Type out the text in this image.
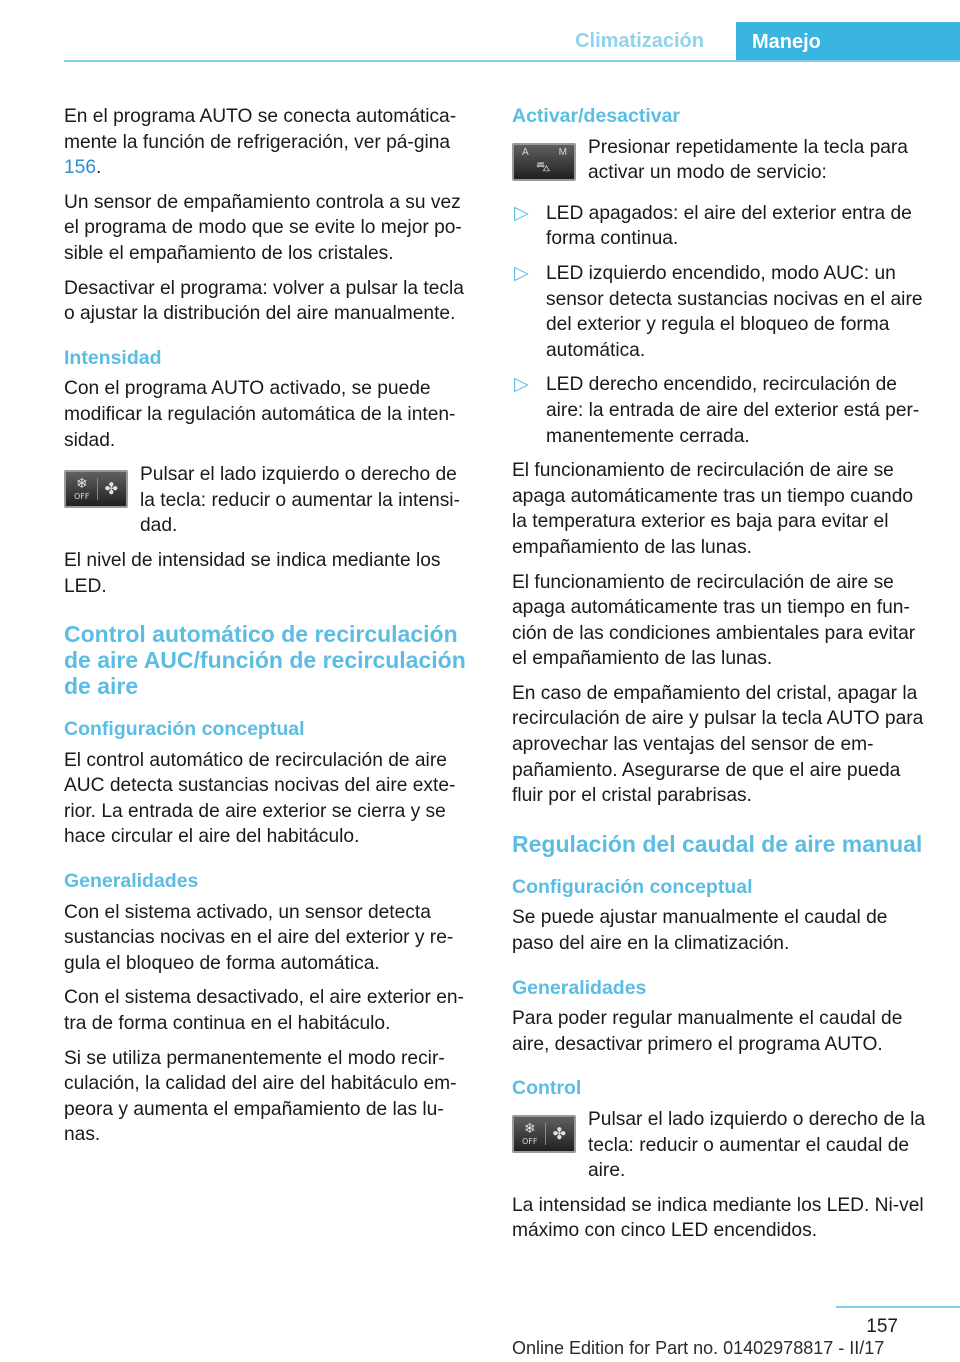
Climatización	Manejo

En el programa AUTO se conecta automática‐mente la función de refrigeración, ver pá‐gina 156.

Un sensor de empañamiento controla a su vez el programa de modo que se evite lo mejor po‐sible el empañamiento de los cristales.

Desactivar el programa: volver a pulsar la tecla o ajustar la distribución del aire manualmente.

Intensidad

Con el programa AUTO activado, se puede modificar la regulación automática de la inten‐sidad.

❄
OFF ✤
Pulsar el lado izquierdo o derecho de la tecla: reducir o aumentar la intensi‐dad.

El nivel de intensidad se indica mediante los LED.

Control automático de recirculación de aire AUC/función de recirculación de aire
Configuración conceptual

El control automático de recirculación de aire AUC detecta sustancias nocivas del aire exte‐rior. La entrada de aire exterior se cierra y se hace circular el aire del habitáculo.

Generalidades

Con el sistema activado, un sensor detecta sustancias nocivas en el aire del exterior y re‐gula el bloqueo de forma automática.

Con el sistema desactivado, el aire exterior en‐tra de forma continua en el habitáculo.

Si se utiliza permanentemente el modo recir‐culación, la calidad del aire del habitáculo em‐peora y aumenta el empañamiento de las lu‐nas.

Activar/desactivar

A	M
⛍
Presionar repetidamente la tecla para activar un modo de servicio:

▷ LED apagados: el aire del exterior entra de forma continua.
▷ LED izquierdo encendido, modo AUC: un sensor detecta sustancias nocivas en el aire del exterior y regula el bloqueo de forma automática.
▷ LED derecho encendido, recirculación de aire: la entrada de aire del exterior está per‐manentemente cerrada.

El funcionamiento de recirculación de aire se apaga automáticamente tras un tiempo cuando la temperatura exterior es baja para evitar el empañamiento de las lunas.

El funcionamiento de recirculación de aire se apaga automáticamente tras un tiempo en fun‐ción de las condiciones ambientales para evitar el empañamiento de las lunas.

En caso de empañamiento del cristal, apagar la recirculación de aire y pulsar la tecla AUTO para aprovechar las ventajas del sensor de em‐pañamiento. Asegurarse de que el aire pueda fluir por el cristal parabrisas.

Regulación del caudal de aire manual
Configuración conceptual

Se puede ajustar manualmente el caudal de paso del aire en la climatización.

Generalidades

Para poder regular manualmente el caudal de aire, desactivar primero el programa AUTO.

Control

❄
OFF ✤
Pulsar el lado izquierdo o derecho de la tecla: reducir o aumentar el caudal de aire.

La intensidad se indica mediante los LED. Ni‐vel máximo con cinco LED encendidos.

157
Online Edition for Part no. 01402978817 - II/17
